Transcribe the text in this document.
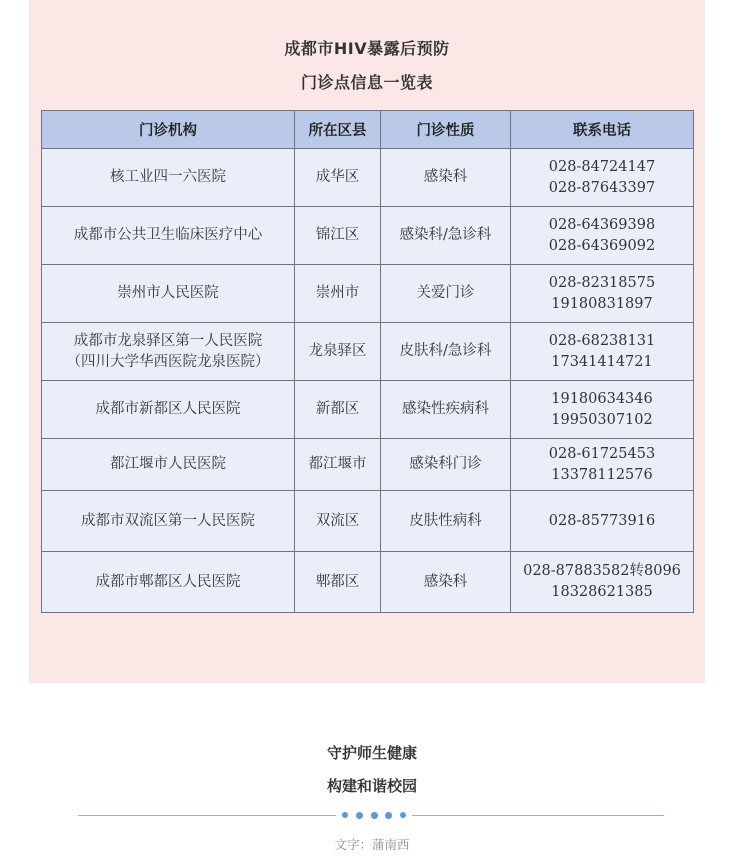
成都市HIV暴露后预防
门诊点信息一览表
门诊机构	所在区县	门诊性质	联系电话

核工业四一六医院	成华区	感染科	028-84724147
028-87643397

成都市公共卫生临床医疗中心	锦江区	感染科/急诊科	028-64369398
028-64369092

崇州市人民医院	崇州市	关爱门诊	028-82318575
19180831897

成都市龙泉驿区第一人民医院
（四川大学华西医院龙泉医院）	龙泉驿区	皮肤科/急诊科	028-68238131
17341414721

成都市新都区人民医院	新都区	感染性疾病科	19180634346
19950307102

都江堰市人民医院	都江堰市	感染科门诊	028-61725453
13378112576

成都市双流区第一人民医院	双流区	皮肤性病科	028-85773916

成都市郫都区人民医院	郫都区	感染科	028-87883582转8096
18328621385
守护师生健康
构建和谐校园
文字：蒲南西
